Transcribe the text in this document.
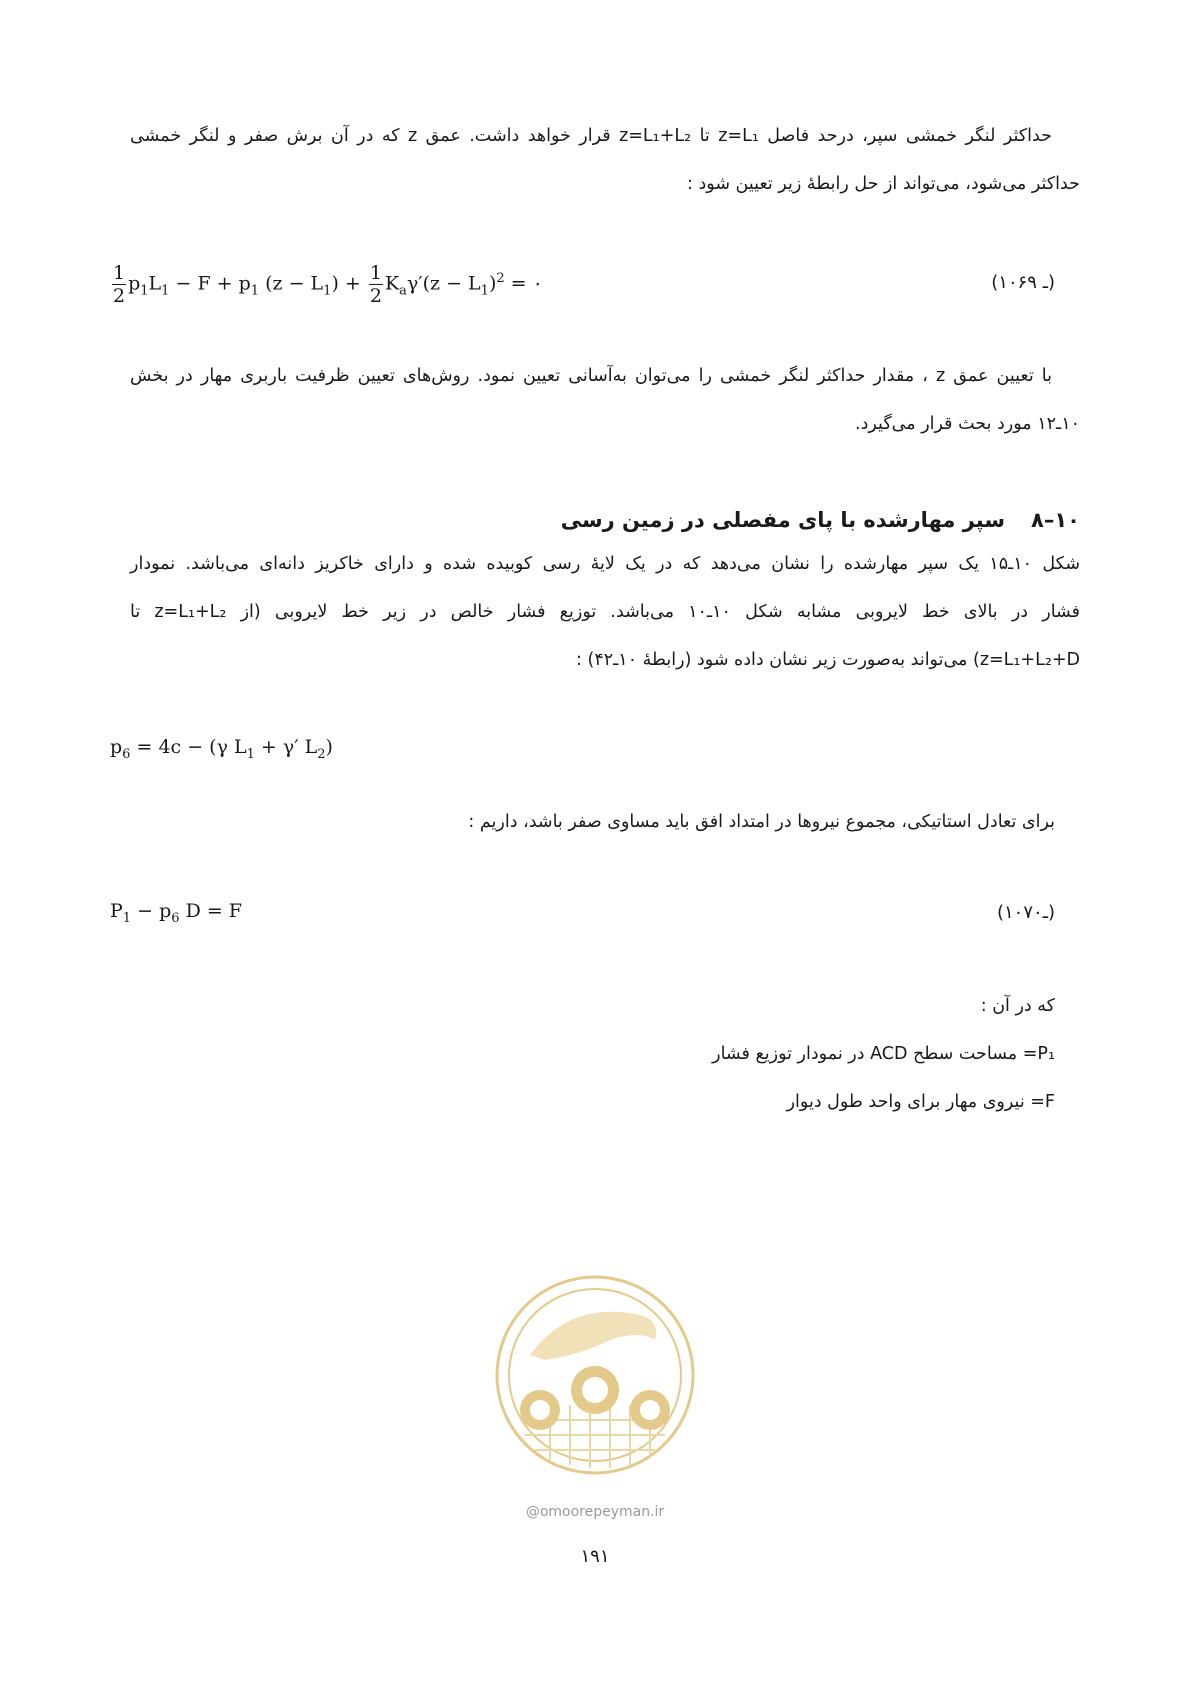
حداکثر لنگر خمشی سپر، درحد فاصل z=L₁ تا z=L₁+L₂ قرار خواهد داشت. عمق z که در آن برش صفر و لنگر خمشی
حداکثر می‌شود، می‌تواند از حل رابطهٔ زیر تعیین شود :
$\frac{1}{2} p_1L_1 - F + p_1$ $(z - L_1) + \frac{1}{2} K_a\gamma'(z - L_1)^2$ = ۰	(۱۰ـ ۶۹)
با تعیین عمق z ، مقدار حداکثر لنگر خمشی را می‌توان به‌آسانی تعیین نمود. روش‌های تعیین ظرفیت باربری مهار در بخش
۱۰ـ۱۲ مورد بحث قرار می‌گیرد.
۱۰–۸سپر مهارشده با پای مفصلی در زمین رسی
شکل ۱۰ـ۱۵ یک سپر مهارشده را نشان می‌دهد که در یک لایهٔ رسی کوبیده شده و دارای خاکریز دانه‌ای می‌باشد. نمودار
فشار در بالای خط لایروبی مشابه شکل ۱۰ـ۱۰ می‌باشد. توزیع فشار خالص در زیر خط لایروبی (از z=L₁+L₂ تا
z=L₁+L₂+D) می‌تواند به‌صورت زیر نشان داده شود (رابطهٔ ۱۰ـ۴۲) :
$p_6 = 4c - (\gamma$ $L_1 + \gamma'$ $L_2$)
برای تعادل استاتیکی، مجموع نیروها در امتداد افق باید مساوی صفر باشد، داریم :
$P_1 - p_6$ D = F	(۱۰ـ۷۰)
که در آن :
P₁= مساحت سطح ACD در نمودار توزیع فشار
F= نیروی مهار برای واحد طول دیوار
@omoorepeyman.ir
۱۹۱
